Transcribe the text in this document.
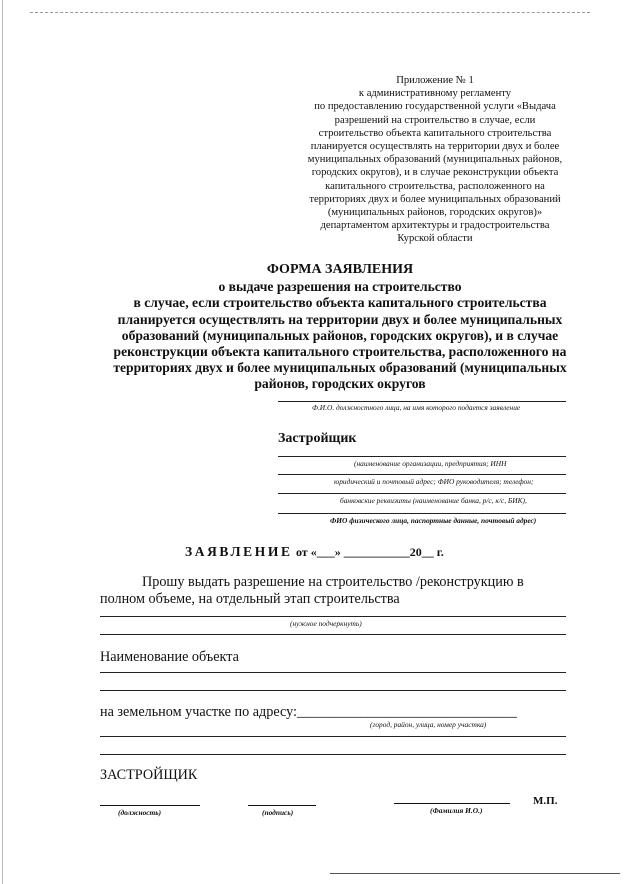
Приложение № 1
к административному регламенту
по предоставлению государственной услуги «Выдача
разрешений на строительство в случае, если
строительство объекта капитального строительства
планируется осуществлять на территории двух и более
муниципальных образований (муниципальных районов,
городских округов), и в случае реконструкции объекта
капитального строительства, расположенного на
территориях двух и более муниципальных образований
(муниципальных районов, городских округов)»
департаментом архитектуры и градостроительства
Курской области
ФОРМА ЗАЯВЛЕНИЯ
о выдаче разрешения на строительство
в случае, если строительство объекта капитального строительства
планируется осуществлять на территории двух и более муниципальных
образований (муниципальных районов, городских округов), и в случае
реконструкции объекта капитального строительства, расположенного на
территориях двух и более муниципальных образований (муниципальных
районов, городских округов
Ф.И.О. должностного лица, на имя которого подается заявление
Застройщик
(наименование организации, предприятия; ИНН
юридический и почтовый адрес; ФИО руководителя; телефон;
банковские реквизиты (наименование банка, р/с, к/с, БИК),
ФИО физического лица, паспортные данные, почтовый адрес)
ЗАЯВЛЕНИЕ от «___» ___________20__ г.
Прошу выдать разрешение на строительство /реконструкцию в
полном объеме, на отдельный этап строительства
(нужное подчеркнуть)
Наименование объекта
на земельном участке по адресу:_______________________________
(город, район, улица, номер участка)
ЗАСТРОЙЩИК
(должность)	(подпись)	(Фамилия И.О.)
М.П.
